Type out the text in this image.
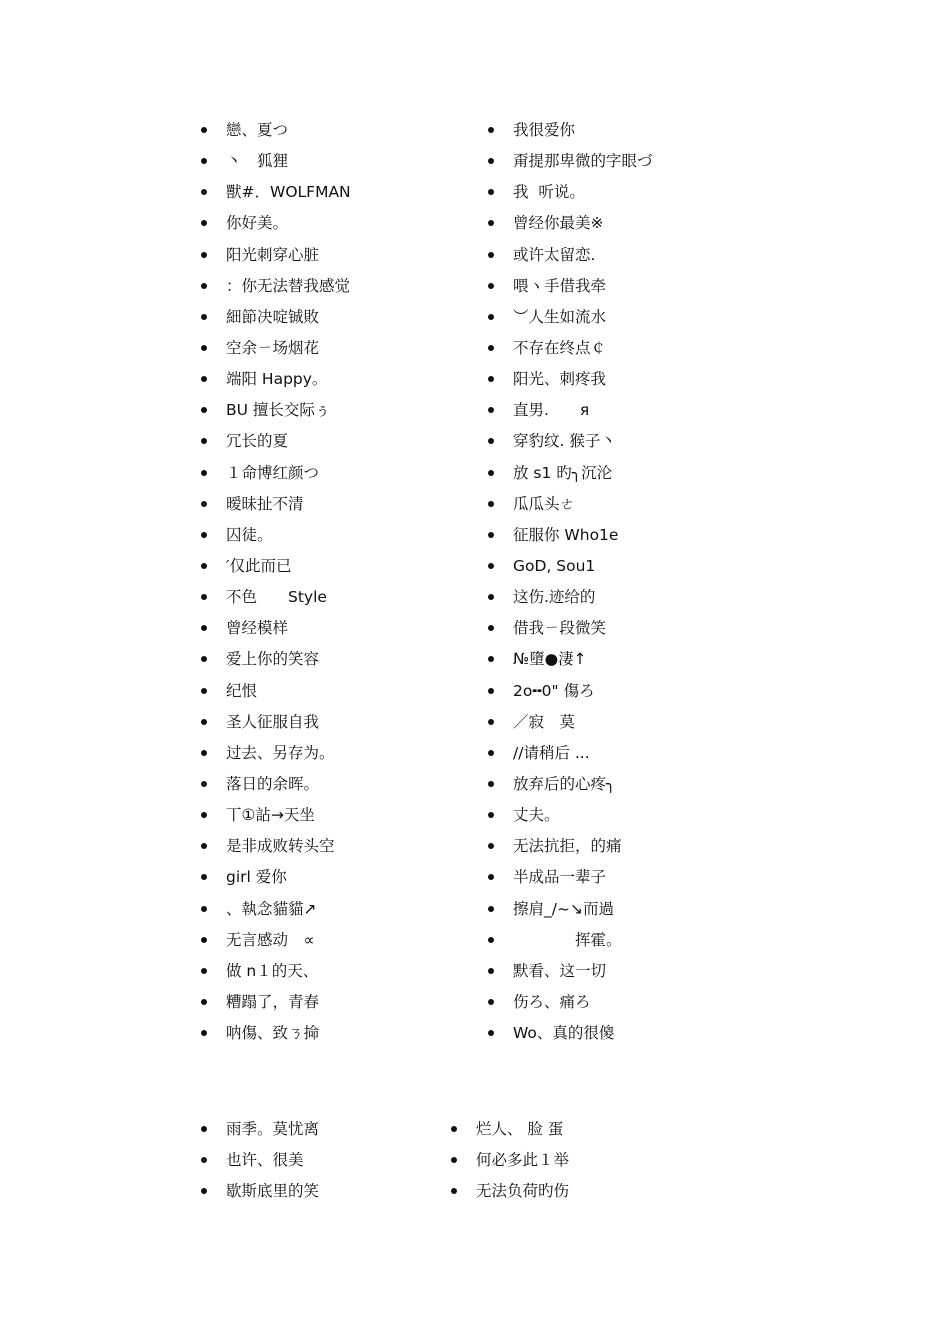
戀、夏つ
丶　狐狸
獸#．WOLFMAN
你好美。
阳光刺穿心脏
：你无法替我感觉
細節决啶铖敗
空余ㄧ场烟花
端阳 Happy。
BU 擅长交际ぅ
冗长的夏
１命博红颜つ
暧昧扯不清
囚徒。
′仅此而已
不色　　Style
曾经模样
爱上你的笑容
纪恨
圣人征服自我
过去、另存为。
落日的余晖。
丅①詀→天坐
是非成败转头空
girl 爱你
、執念貓貓↗
无言感动　∝
做 n１的天、
糟蹋了，青春
呐傷、致ㄋ掵
我很爱你
甭提那卑微的字眼づ
我  听说。
曾经你最美※
或许太留恋.
喂ヽ手借我牵
︶人生如流水
不存在终点￠
阳光、刺疼我
直男.　　я
穿豹纹. 猴子丶
放 s1 旳╮沉沦
瓜瓜头ㄜ
征服你 Who1e
GoD, Sou1
这伤.迹给的
借我ㄧ段微笑
№墮●淒↑
2o╍0" 傷ろ
／寂　莫
//请稍后 ...
放弃后的心疼╮
丈夫。
无法抗拒，的痛
半成品一辈子
擦肩_/~↘而過
　　　　挥霍。
默看、这一切
伤ろ、痛ろ
Wo、真的很傻
雨季。莫忧离
也许、很美
歇斯底里的笑
烂人、 脸 蛋
何必多此１举
无法负荷旳伤
